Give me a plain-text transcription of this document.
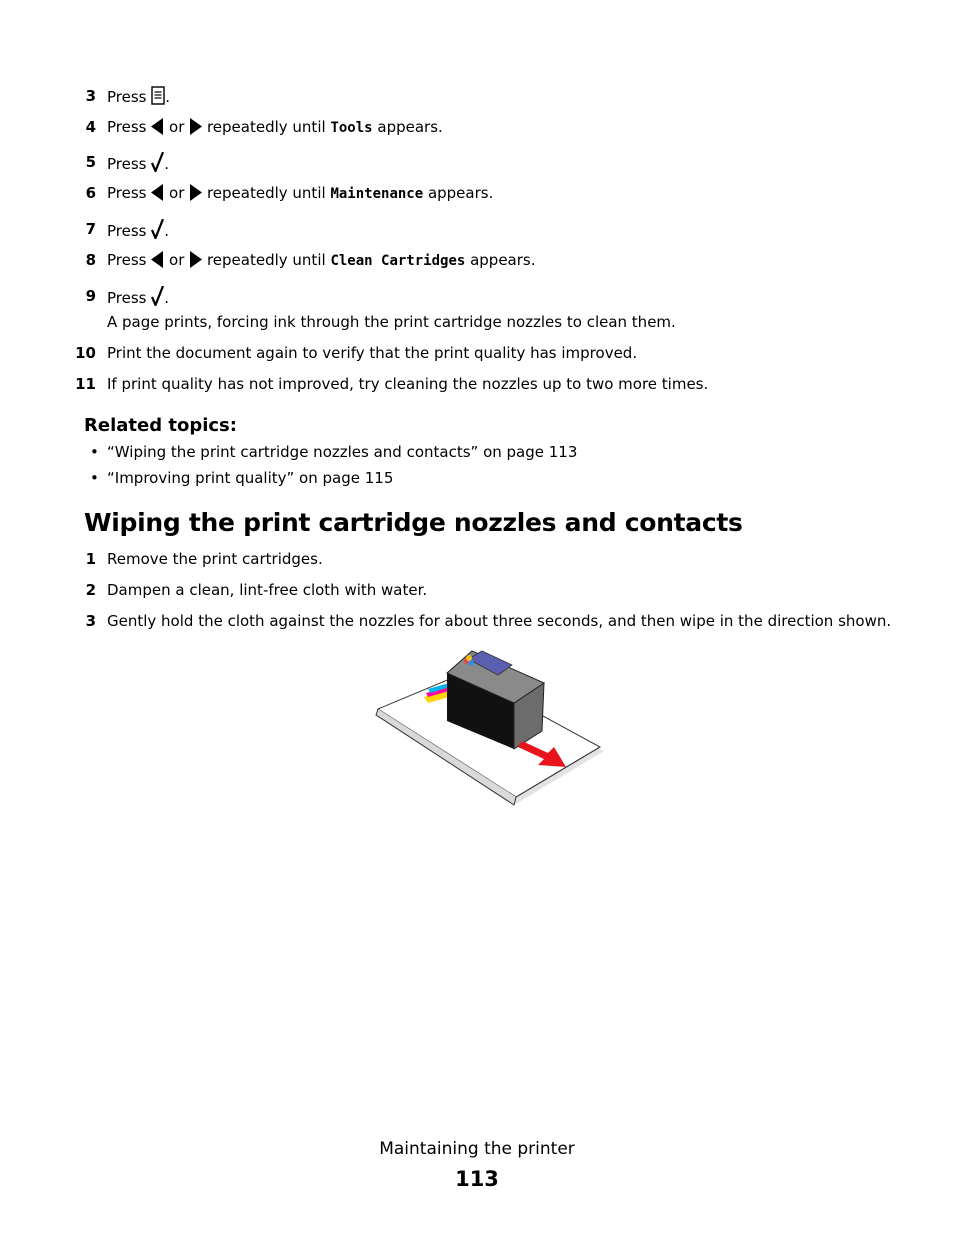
3 Press .
4 Press or repeatedly until Tools appears.
5 Press .
6 Press or repeatedly until Maintenance appears.
7 Press .
8 Press or repeatedly until Clean Cartridges appears.
9 Press .
A page prints, forcing ink through the print cartridge nozzles to clean them.
10 Print the document again to verify that the print quality has improved.
11 If print quality has not improved, try cleaning the nozzles up to two more times.
Related topics:
• “Wiping the print cartridge nozzles and contacts” on page 113
• “Improving print quality” on page 115
Wiping the print cartridge nozzles and contacts
1 Remove the print cartridges.
2 Dampen a clean, lint-free cloth with water.
3 Gently hold the cloth against the nozzles for about three seconds, and then wipe in the direction shown.
Maintaining the printer
113
